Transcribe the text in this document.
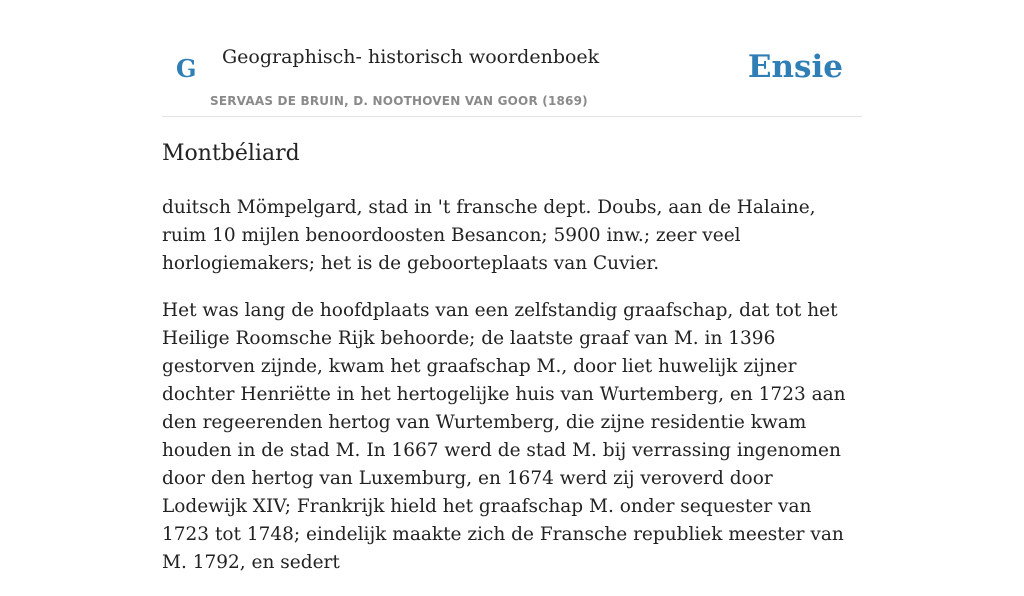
G Geographisch- historisch woordenboek
SERVAAS DE BRUIN, D. NOOTHOVEN VAN GOOR (1869)
Ensie
Montbéliard

duitsch Mömpelgard, stad in 't fransche dept. Doubs, aan de Halaine, ruim 10 mijlen benoordoosten Besancon; 5900 inw.; zeer veel horlogiemakers; het is de geboorteplaats van Cuvier.

Het was lang de hoofdplaats van een zelfstandig graafschap, dat tot het Heilige Roomsche Rijk behoorde; de laatste graaf van M. in 1396 gestorven zijnde, kwam het graafschap M., door liet huwelijk zijner dochter Henriëtte in het hertogelijke huis van Wurtemberg, en 1723 aan den regeerenden hertog van Wurtemberg, die zijne residentie kwam houden in de stad M. In 1667 werd de stad M. bij verrassing ingenomen door den hertog van Luxemburg, en 1674 werd zij veroverd door Lodewijk XIV; Frankrijk hield het graafschap M. onder sequester van 1723 tot 1748; eindelijk maakte zich de Fransche republiek meester van M. 1792, en sedert
